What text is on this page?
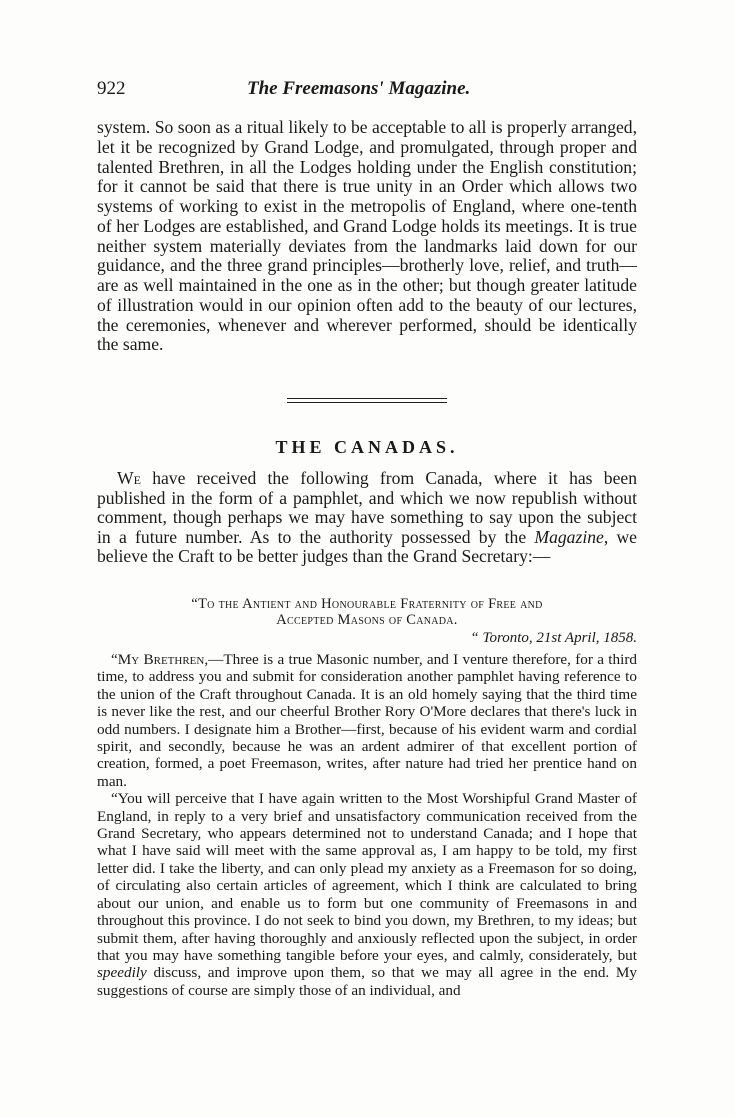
922	The Freemasons' Magazine.

system. So soon as a ritual likely to be acceptable to all is properly arranged, let it be recognized by Grand Lodge, and promulgated, through proper and talented Brethren, in all the Lodges holding under the English constitution; for it cannot be said that there is true unity in an Order which allows two systems of working to exist in the metropolis of England, where one-tenth of her Lodges are established, and Grand Lodge holds its meetings. It is true neither system materially deviates from the landmarks laid down for our guidance, and the three grand principles—brotherly love, relief, and truth—are as well maintained in the one as in the other; but though greater latitude of illustration would in our opinion often add to the beauty of our lectures, the ceremonies, whenever and wherever performed, should be identically the same.

THE CANADAS.

We have received the following from Canada, where it has been published in the form of a pamphlet, and which we now republish without comment, though perhaps we may have something to say upon the subject in a future number. As to the authority possessed by the Magazine, we believe the Craft to be better judges than the Grand Secretary:—

“To the Antient and Honourable Fraternity of Free and
Accepted Masons of Canada.

“ Toronto, 21st April, 1858.

“My Brethren,—Three is a true Masonic number, and I venture therefore, for a third time, to address you and submit for consideration another pamphlet having reference to the union of the Craft throughout Canada. It is an old homely saying that the third time is never like the rest, and our cheerful Brother Rory O'More declares that there's luck in odd numbers. I designate him a Brother—first, because of his evident warm and cordial spirit, and secondly, because he was an ardent admirer of that excellent portion of creation, formed, a poet Freemason, writes, after nature had tried her prentice hand on man.

“You will perceive that I have again written to the Most Worshipful Grand Master of England, in reply to a very brief and unsatisfactory communication received from the Grand Secretary, who appears determined not to understand Canada; and I hope that what I have said will meet with the same approval as, I am happy to be told, my first letter did. I take the liberty, and can only plead my anxiety as a Freemason for so doing, of circulating also certain articles of agreement, which I think are calculated to bring about our union, and enable us to form but one community of Freemasons in and throughout this province. I do not seek to bind you down, my Brethren, to my ideas; but submit them, after having thoroughly and anxiously reflected upon the subject, in order that you may have something tangible before your eyes, and calmly, considerately, but speedily discuss, and improve upon them, so that we may all agree in the end. My suggestions of course are simply those of an individual, and
